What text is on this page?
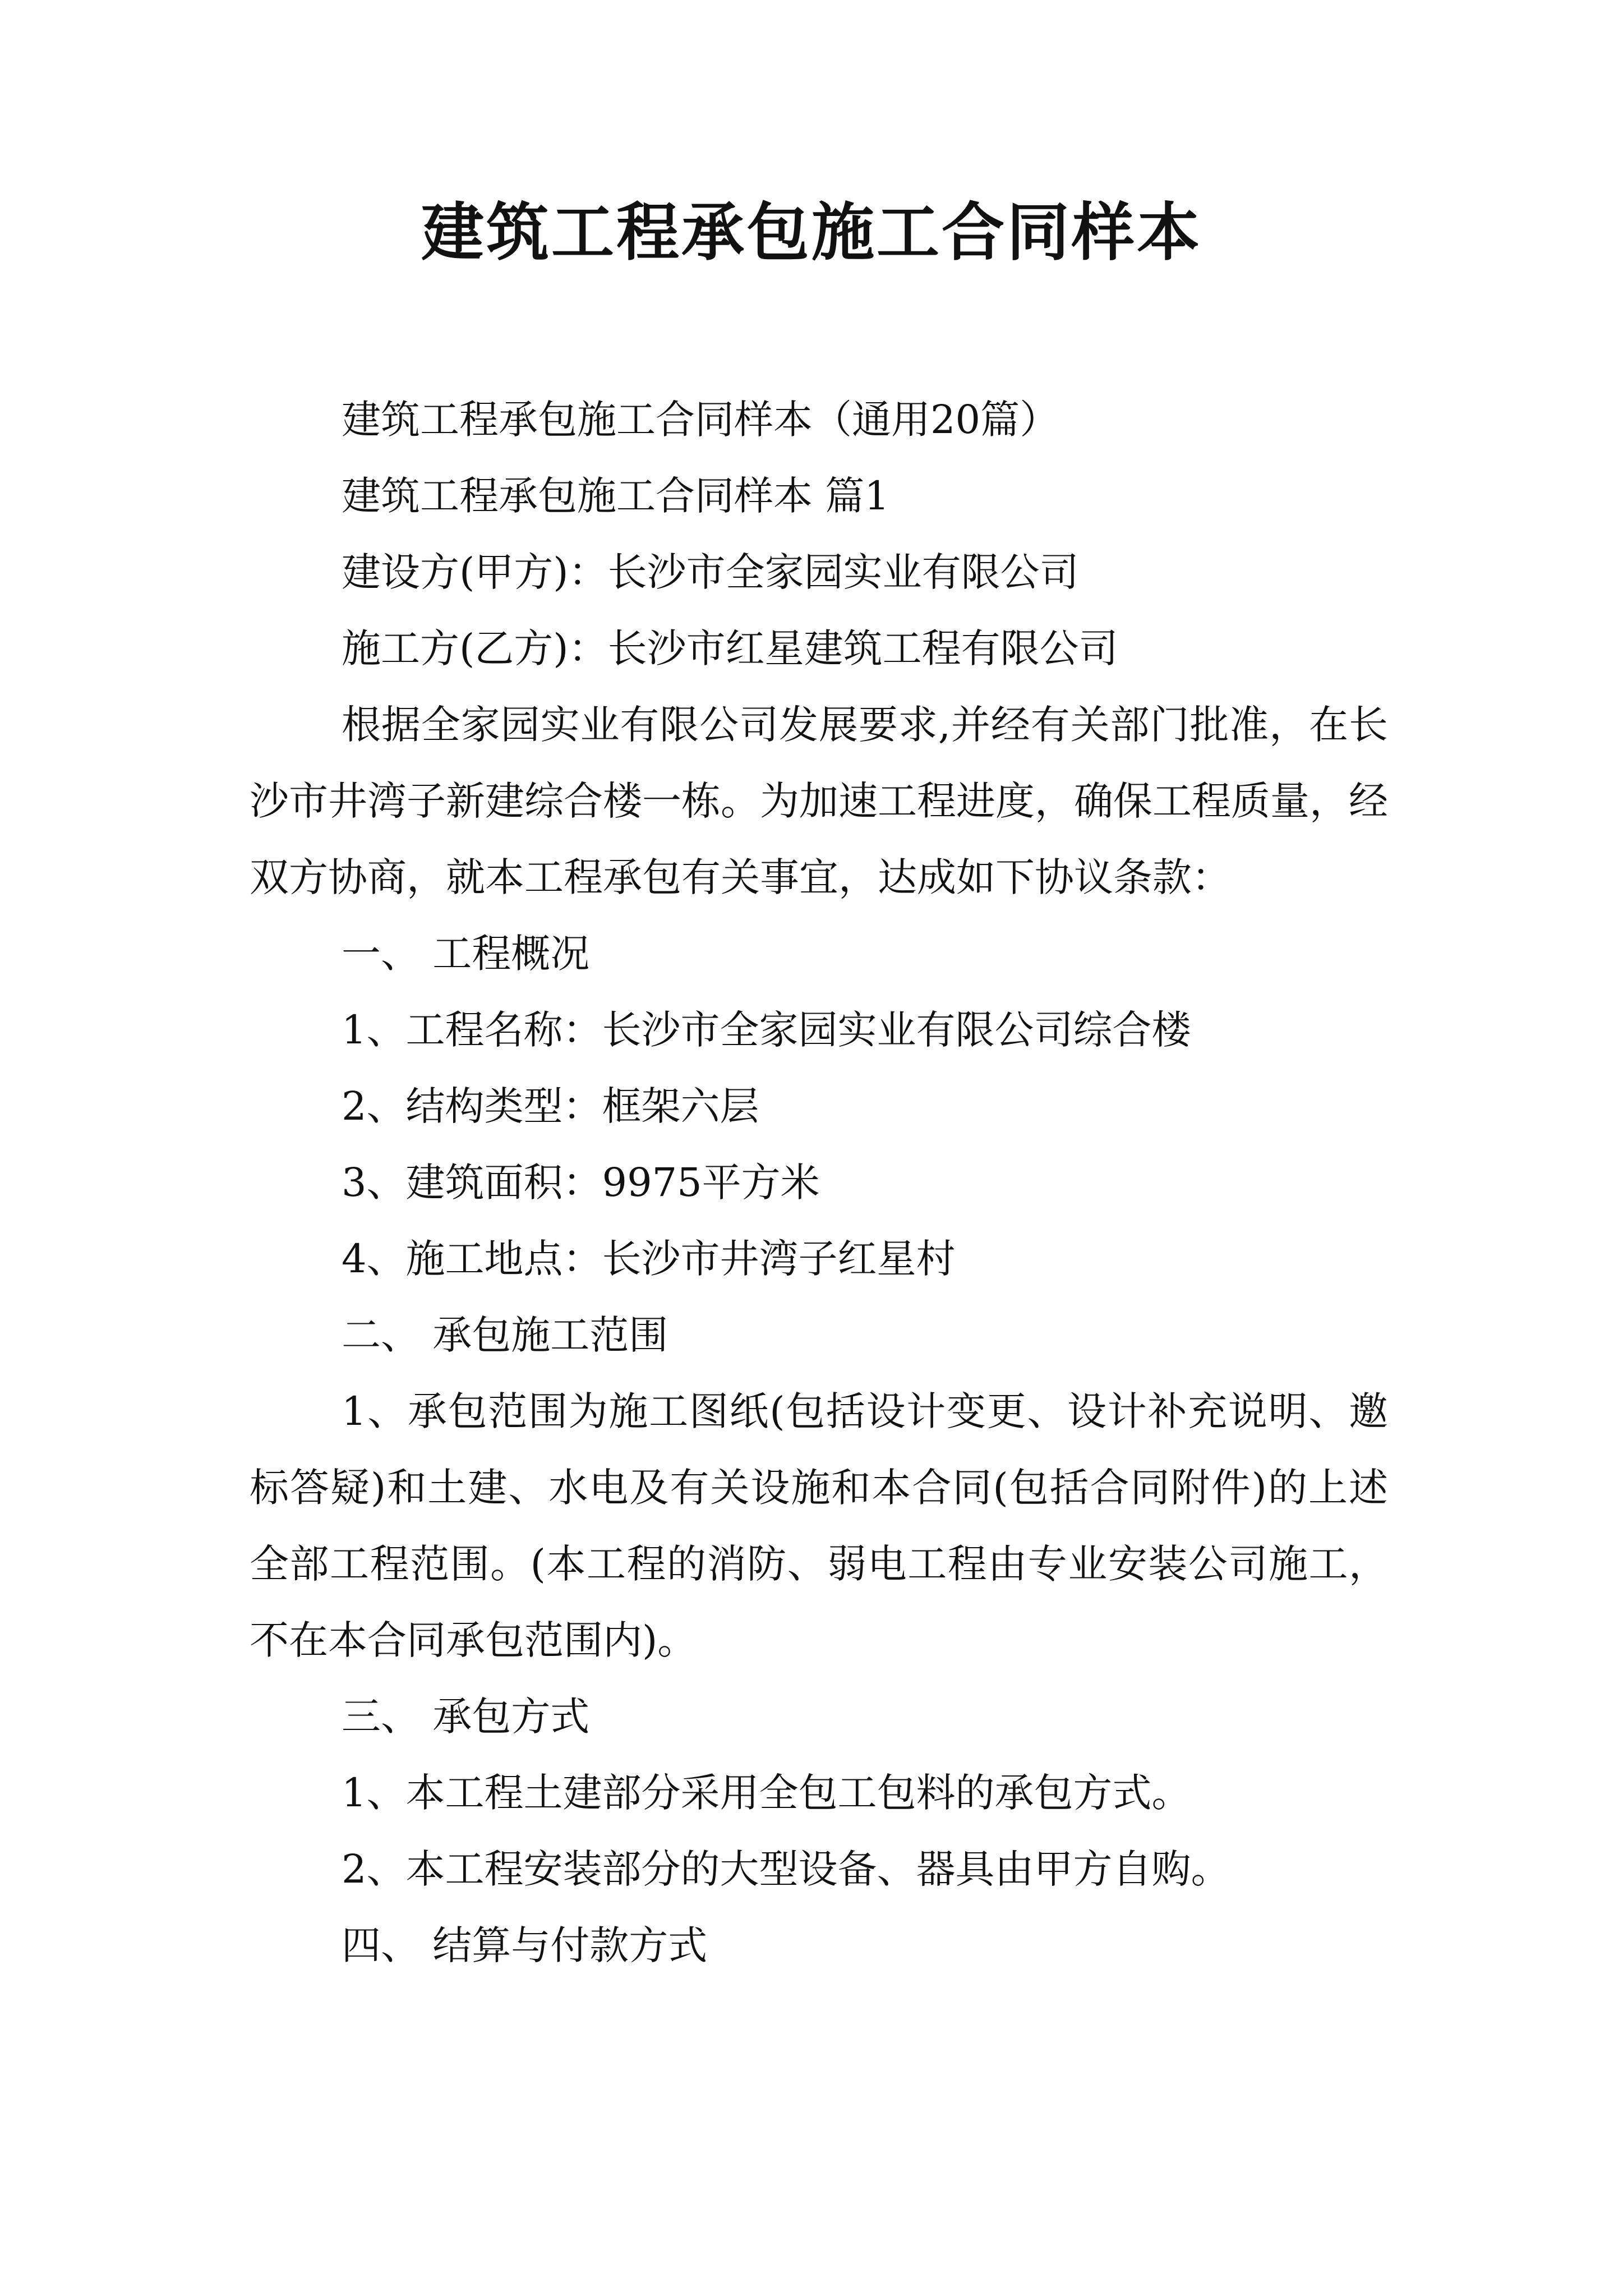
建筑工程承包施工合同样本

建筑工程承包施工合同样本（通用20篇）

建筑工程承包施工合同样本 篇1

建设方(甲方)：长沙市全家园实业有限公司

施工方(乙方)：长沙市红星建筑工程有限公司

根据全家园实业有限公司发展要求,并经有关部门批准，在长沙市井湾子新建综合楼一栋。为加速工程进度，确保工程质量，经双方协商，就本工程承包有关事宜，达成如下协议条款：

一、 工程概况

1、工程名称：长沙市全家园实业有限公司综合楼

2、结构类型：框架六层

3、建筑面积：9975平方米

4、施工地点：长沙市井湾子红星村

二、 承包施工范围

1、承包范围为施工图纸(包括设计变更、设计补充说明、邀标答疑)和土建、水电及有关设施和本合同(包括合同附件)的上述全部工程范围。(本工程的消防、弱电工程由专业安装公司施工，不在本合同承包范围内)。

三、 承包方式

1、本工程土建部分采用全包工包料的承包方式。

2、本工程安装部分的大型设备、器具由甲方自购。

四、 结算与付款方式
